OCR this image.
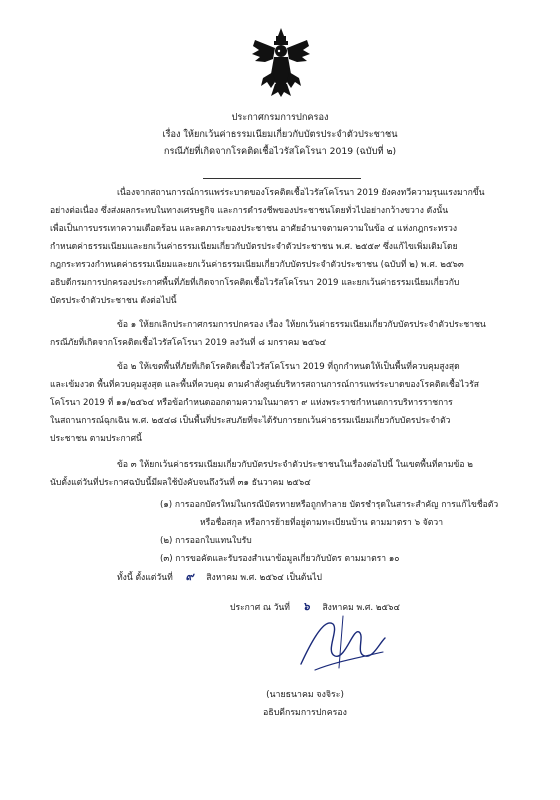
ประกาศกรมการปกครอง
เรื่อง ให้ยกเว้นค่าธรรมเนียมเกี่ยวกับบัตรประจำตัวประชาชน
กรณีภัยที่เกิดจากโรคติดเชื้อไวรัสโคโรนา 2019 (ฉบับที่ ๒)
เนื่องจากสถานการณ์การแพร่ระบาดของโรคติดเชื้อไวรัสโคโรนา 2019 ยังคงทวีความรุนแรงมากขึ้น
อย่างต่อเนื่อง ซึ่งส่งผลกระทบในทางเศรษฐกิจ และการดำรงชีพของประชาชนโดยทั่วไปอย่างกว้างขวาง ดังนั้น
เพื่อเป็นการบรรเทาความเดือดร้อน และลดภาระของประชาชน อาศัยอำนาจตามความในข้อ ๔ แห่งกฎกระทรวง
กำหนดค่าธรรมเนียมและยกเว้นค่าธรรมเนียมเกี่ยวกับบัตรประจำตัวประชาชน พ.ศ. ๒๕๕๙ ซึ่งแก้ไขเพิ่มเติมโดย
กฎกระทรวงกำหนดค่าธรรมเนียมและยกเว้นค่าธรรมเนียมเกี่ยวกับบัตรประจำตัวประชาชน (ฉบับที่ ๒) พ.ศ. ๒๕๖๓
อธิบดีกรมการปกครองประกาศพื้นที่ภัยที่เกิดจากโรคติดเชื้อไวรัสโคโรนา 2019 และยกเว้นค่าธรรมเนียมเกี่ยวกับ
บัตรประจำตัวประชาชน ดังต่อไปนี้
ข้อ ๑ ให้ยกเลิกประกาศกรมการปกครอง เรื่อง ให้ยกเว้นค่าธรรมเนียมเกี่ยวกับบัตรประจำตัวประชาชน
กรณีภัยที่เกิดจากโรคติดเชื้อไวรัสโคโรนา 2019 ลงวันที่ ๘ มกราคม ๒๕๖๔
ข้อ ๒ ให้เขตพื้นที่ภัยที่เกิดโรคติดเชื้อไวรัสโคโรนา 2019 ที่ถูกกำหนดให้เป็นพื้นที่ควบคุมสูงสุด
และเข้มงวด พื้นที่ควบคุมสูงสุด และพื้นที่ควบคุม ตามคำสั่งศูนย์บริหารสถานการณ์การแพร่ระบาดของโรคติดเชื้อไวรัส
โคโรนา 2019 ที่ ๑๑/๒๕๖๔ หรือข้อกำหนดออกตามความในมาตรา ๙ แห่งพระราชกำหนดการบริหารราชการ
ในสถานการณ์ฉุกเฉิน พ.ศ. ๒๕๔๘ เป็นพื้นที่ประสบภัยที่จะได้รับการยกเว้นค่าธรรมเนียมเกี่ยวกับบัตรประจำตัว
ประชาชน ตามประกาศนี้
ข้อ ๓ ให้ยกเว้นค่าธรรมเนียมเกี่ยวกับบัตรประจำตัวประชาชนในเรื่องต่อไปนี้ ในเขตพื้นที่ตามข้อ ๒
นับตั้งแต่วันที่ประกาศฉบับนี้มีผลใช้บังคับจนถึงวันที่ ๓๑ ธันวาคม ๒๕๖๔
(๑) การออกบัตรใหม่ในกรณีบัตรหายหรือถูกทำลาย บัตรชำรุดในสาระสำคัญ การแก้ไขชื่อตัว
หรือชื่อสกุล หรือการย้ายที่อยู่ตามทะเบียนบ้าน ตามมาตรา ๖ จัตวา
(๒) การออกใบแทนใบรับ
(๓) การขอคัดและรับรองสำเนาข้อมูลเกี่ยวกับบัตร ตามมาตรา ๑๐
ทั้งนี้ ตั้งแต่วันที่ ๙ สิงหาคม พ.ศ. ๒๕๖๔ เป็นต้นไป
ประกาศ ณ วันที่ ๖ สิงหาคม พ.ศ. ๒๕๖๔
(นายธนาคม จงจิระ)
อธิบดีกรมการปกครอง
